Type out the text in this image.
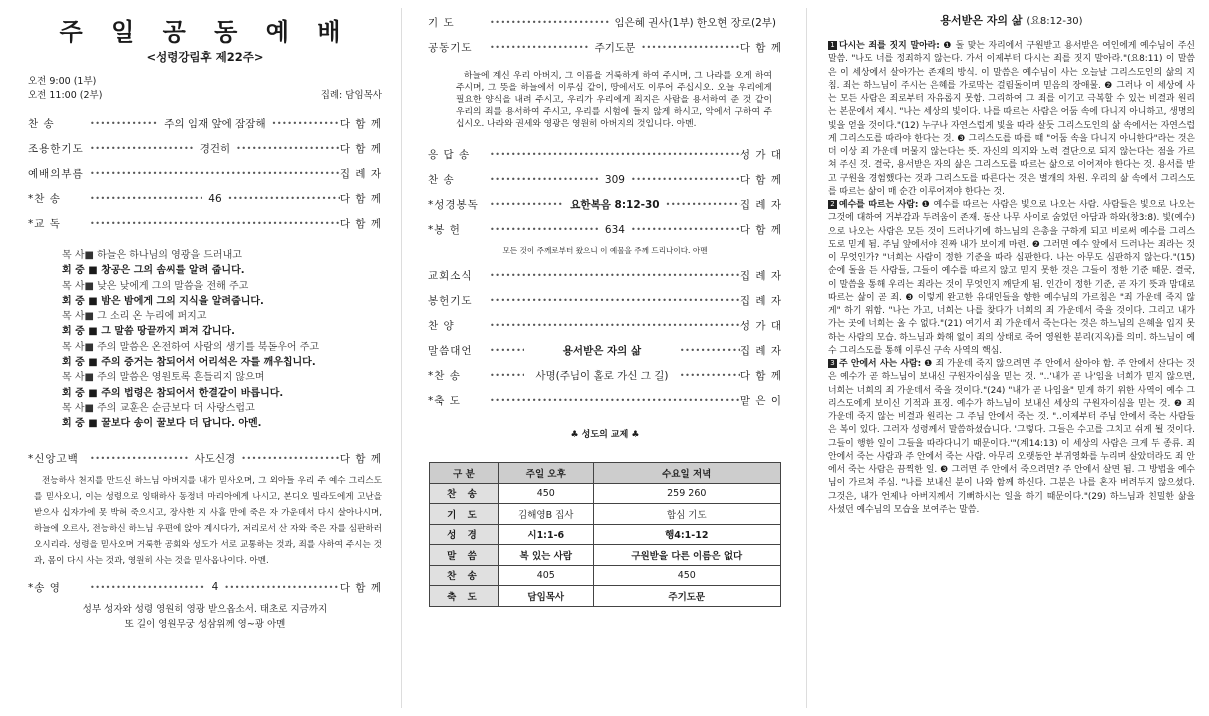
주 일 공 동 예 배
<성령강림후 제22주>
오전 9:00 (1부)
오전 11:00 (2부)	집례: 담임목사
찬 송 •••••	주의 임재 앞에 잠잠해 •••••	다 함 께
조용한기도 •••••	경건히 •••••	다 함 께
예배의부름 •••••	집 례 자
*찬 송 •••••	46 •••••	다 함 께
*교 독 •••••	다 함 께
목 사■ 하늘은 하나님의 영광을 드러내고
회 중 ■ 창공은 그의 솜씨를 알려 줍니다.
목 사■ 낮은 낮에게 그의 말씀을 전해 주고
회 중 ■ 밤은 밤에게 그의 지식을 알려줍니다.
목 사■ 그 소리 온 누리에 퍼지고
회 중 ■ 그 말씀 땅끝까지 퍼져 갑니다.
목 사■ 주의 말씀은 온전하여 사람의 생기를 북돋우어 주고
회 중 ■ 주의 증거는 참되어서 어리석은 자를 깨우칩니다.
목 사■ 주의 말씀은 영원토록 흔들리지 않으며
회 중 ■ 주의 법령은 참되어서 한결같이 바릅니다.
목 사■ 주의 교훈은 순금보다 더 사랑스럽고
회 중 ■ 꿀보다 송이 꿀보다 더 답니다. 아멘.
*신앙고백 •••••	사도신경 •••••	다 함 께
전능하사 천지를 만드신 하느님 아버지를 내가 믿사오며, 그 외아들 우리 주 예수 그리스도를 믿사오니, 이는 성령으로 잉태하사 동정녀 마리아에게 나시고, 본디오 빌라도에게 고난을 받으사 십자가에 못 박혀 죽으시고, 장사한 지 사흘 만에 죽은 자 가운데서 다시 살아나시며, 하늘에 오르사, 전능하신 하느님 우편에 앉아 계시다가, 저리로서 산 자와 죽은 자를 심판하러 오시리라. 성령을 믿사오며 거룩한 공회와 성도가 서로 교통하는 것과, 죄를 사하여 주시는 것과, 몸이 다시 사는 것과, 영원히 사는 것을 믿사옵나이다. 아멘.
*송 영 •••••	4 •••••	다 함 께
성부 성자와 성령 영원히 영광 받으옵소서. 태초로 지금까지
또 길이 영원무궁 성삼위께 영~광 아멘
기 도 •••••	임은혜 권사(1부) 한오현 장로(2부)
공동기도 •••••	주기도문 •••••	다 함 께
하늘에 계신 우리 아버지, 그 이름을 거룩하게 하여 주시며, 그 나라를 오게 하여 주시며, 그 뜻을 하늘에서 이루심 같이, 땅에서도 이루어 주십시오. 오늘 우리에게 필요한 양식을 내려 주시고, 우리가 우리에게 죄지은 사람을 용서하여 준 것 같이 우리의 죄를 용서하여 주시고, 우리를 시험에 들지 않게 하시고, 악에서 구하여 주십시오. 나라와 권세와 영광은 영원히 아버지의 것입니다. 아멘.
응 답 송 •••••	성 가 대
찬 송 •••••	309 •••••	다 함 께
*성경봉독 •••••	요한복음 8:12-30 •••••	집 례 자
*봉 헌 •••••	634 •••••	다 함 께
모든 것이 주께로부터 왔으니 이 예물을 주께 드리나이다. 아멘
교회소식 •••••	집 례 자
봉헌기도 •••••	집 례 자
찬 양 •••••	성 가 대
말씀대언 •••••	용서받은 자의 삶 •••••	집 례 자
*찬 송 •••••	사명(주님이 홀로 가신 그 길) •••••	다 함 께
*축 도 •••••	맡 은 이
♣ 성도의 교제 ♣
구 분	주일 오후	수요일 저녁
찬 송	450	259 260
기 도	김해영B 집사	합심 기도
성 경	시1:1-6	행4:1-12
말 씀	복 있는 사람	구원받을 다른 이름은 없다
찬 송	405	450
축 도	담임목사	주기도문
용서받은 자의 삶 (요8:12-30)

1 다시는 죄를 짓지 말아라: ❶ 돌 맞는 자리에서 구원받고 용서받은 여인에게 예수님이 주신 말씀. "나도 너를 정죄하지 않는다. 가서 이제부터 다시는 죄를 짓지 말아라."(요8:11) 이 말씀은 이 세상에서 살아가는 존재의 방식. 이 말씀은 예수님이 사는 오늘날 그리스도인의 삶의 지침. 죄는 하느님이 주시는 은혜를 가로막는 걸림돌이며 믿음의 장애물. ❷ 그러나 이 세상에 사는 모든 사람은 죄로부터 자유롭지 못함. 그리하여 그 죄를 이기고 극복할 수 있는 비결과 원리는 본문에서 제시. "나는 세상의 빛이다. 나를 따르는 사람은 어둠 속에 다니지 아니하고, 생명의 빛을 얻을 것이다."(12) 누구나 자연스럽게 빛을 따라 살듯 그리스도인의 삶 속에서는 자연스럽게 그리스도를 따라야 한다는 것. ❸ 그리스도를 따를 때 "어둠 속을 다니지 아니한다"라는 것은 더 이상 죄 가운데 머물지 않는다는 뜻. 자신의 의지와 노력 결단으로 되지 않는다는 점을 가르쳐 주신 것. 결국, 용서받은 자의 삶은 그리스도를 따르는 삶으로 이어져야 한다는 것. 용서를 받고 구원을 경험했다는 것과 그리스도를 따른다는 것은 별개의 차원. 우리의 삶 속에서 그리스도를 따르는 삶이 매 순간 이루어져야 한다는 것.

2 예수를 따르는 사람: ❶ 예수를 따르는 사람은 빛으로 나오는 사람. 사람들은 빛으로 나오는 그것에 대하여 거부감과 두려움이 존재. 동산 나무 사이로 숨었던 아담과 하와(창3:8). 빛(예수)으로 나오는 사람은 모든 것이 드러나기에 하느님의 은총을 구하게 되고 비로써 예수를 그리스도로 믿게 됨. 주님 앞에서야 진짜 내가 보이게 마련. ❷ 그러면 예수 앞에서 드러나는 죄라는 것이 무엇인가? "너희는 사람이 정한 기준을 따라 심판한다. 나는 아무도 심판하지 않는다."(15) 순에 돌을 든 사람들, 그들이 예수를 따르지 않고 믿지 못한 것은 그들이 정한 기준 때문. 결국, 이 말씀을 통해 우리는 죄라는 것이 무엇인지 깨닫게 됨. 인간이 정한 기준, 곧 자기 뜻과 맘대로 따르는 삶이 곧 죄. ❸ 이렇게 완고한 유대인들을 향한 예수님의 가르침은 "죄 가운데 죽지 않게" 하기 위함. "나는 가고, 너희는 나를 찾다가 너희의 죄 가운데서 죽을 것이다. 그리고 내가 가는 곳에 너희는 올 수 없다."(21) 여기서 죄 가운데서 죽는다는 것은 하느님의 은혜을 입지 못하는 사람의 모습. 하느님과 화해 없이 죄의 상태로 죽어 영원한 분리(지옥)를 의미. 하느님이 예수 그리스도를 통해 이루신 구속 사역의 핵심.

3 주 안에서 사는 사람: ❶ 죄 가운데 죽지 않으려면 주 안에서 살아야 함. 주 안에서 산다는 것은 예수가 곧 하느님이 보내신 구원자이심을 믿는 것. "..'내가 곧 나'임을 너희가 믿지 않으면, 너희는 너희의 죄 가운데서 죽을 것이다."(24) "내가 곧 나임을" 믿게 하기 위한 사역이 예수 그리스도에게 보이신 기적과 표징. 예수가 하느님이 보내신 세상의 구원자이심을 믿는 것. ❷ 죄 가운데 죽지 않는 비결과 원리는 그 주님 안에서 죽는 것. "..이제부터 주님 안에서 죽는 사람들은 복이 있다. 그러자 성령께서 말씀하셨습니다. '그렇다. 그들은 수고를 그치고 쉬게 될 것이다. 그들이 행한 일이 그들을 따라다니기 때문이다.'"(계14:13) 이 세상의 사람은 크게 두 종류. 죄 안에서 죽는 사람과 주 안에서 죽는 사람. 아무리 오랫동안 부귀영화를 누리며 살았더라도 죄 안에서 죽는 사람은 끔찍한 일. ❸ 그러면 주 안에서 죽으려면? 주 안에서 살면 됨. 그 방법을 예수님이 가르쳐 주심. "나를 보내신 분이 나와 함께 하신다. 그분은 나를 혼자 버려두지 않으셨다. 그것은, 내가 언제나 아버지께서 기뻐하시는 일을 하기 때문이다."(29) 하느님과 친밀한 삶을 사셨던 예수님의 모습을 보여주는 말씀.
